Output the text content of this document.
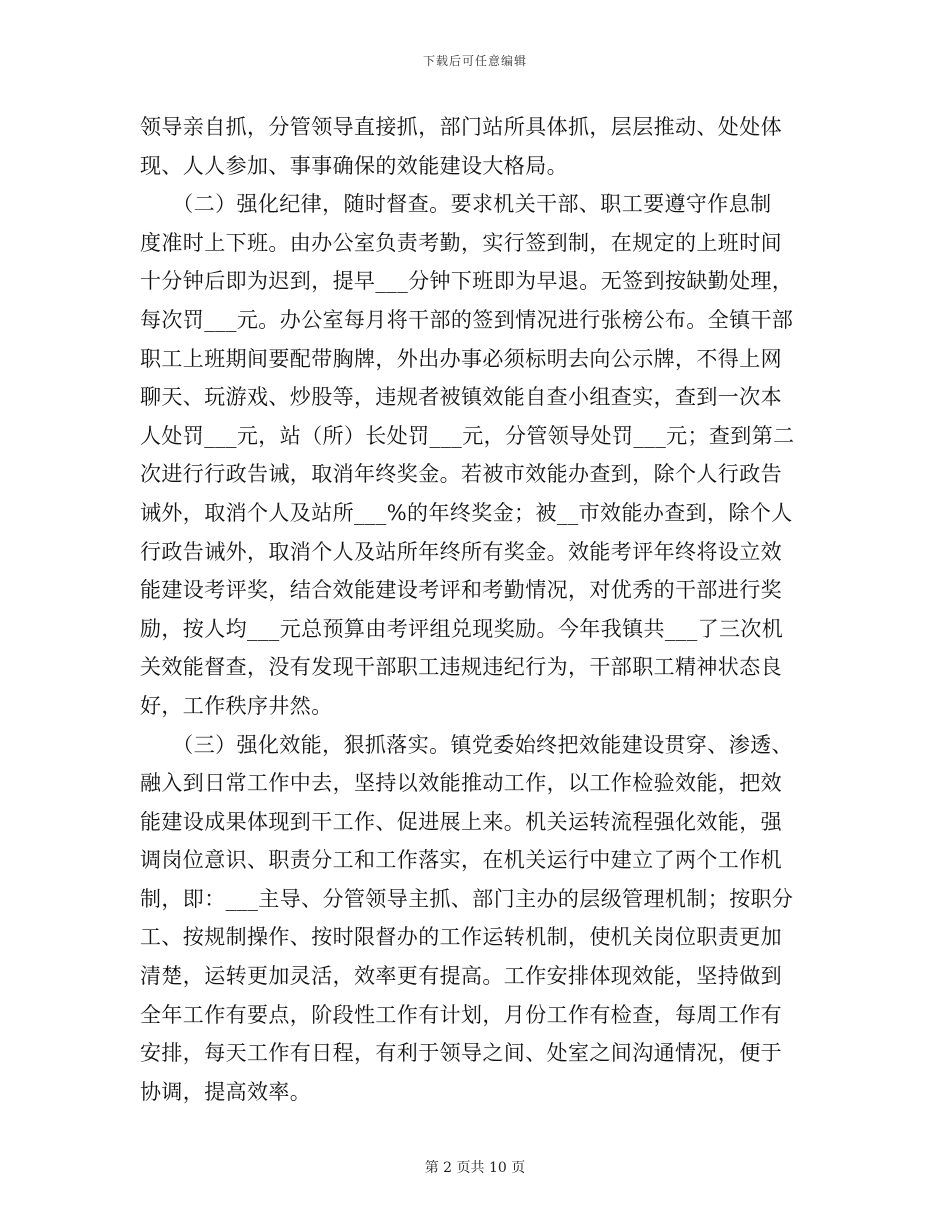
下载后可任意编辑
领导亲自抓，分管领导直接抓，部门站所具体抓，层层推动、处处体
现、人人参加、事事确保的效能建设大格局。
　　（二）强化纪律，随时督查。要求机关干部、职工要遵守作息制
度准时上下班。由办公室负责考勤，实行签到制，在规定的上班时间
十分钟后即为迟到，提早___分钟下班即为早退。无签到按缺勤处理，
每次罚___元。办公室每月将干部的签到情况进行张榜公布。全镇干部
职工上班期间要配带胸牌，外出办事必须标明去向公示牌，不得上网
聊天、玩游戏、炒股等，违规者被镇效能自查小组查实，查到一次本
人处罚___元，站（所）长处罚___元，分管领导处罚___元；查到第二
次进行行政告诫，取消年终奖金。若被市效能办查到，除个人行政告
诫外，取消个人及站所___%的年终奖金；被__市效能办查到，除个人
行政告诫外，取消个人及站所年终所有奖金。效能考评年终将设立效
能建设考评奖，结合效能建设考评和考勤情况，对优秀的干部进行奖
励，按人均___元总预算由考评组兑现奖励。今年我镇共___了三次机
关效能督查，没有发现干部职工违规违纪行为，干部职工精神状态良
好，工作秩序井然。
　　（三）强化效能，狠抓落实。镇党委始终把效能建设贯穿、渗透、
融入到日常工作中去，坚持以效能推动工作，以工作检验效能，把效
能建设成果体现到干工作、促进展上来。机关运转流程强化效能，强
调岗位意识、职责分工和工作落实，在机关运行中建立了两个工作机
制，即：___主导、分管领导主抓、部门主办的层级管理机制；按职分
工、按规制操作、按时限督办的工作运转机制，使机关岗位职责更加
清楚，运转更加灵活，效率更有提高。工作安排体现效能，坚持做到
全年工作有要点，阶段性工作有计划，月份工作有检查，每周工作有
安排，每天工作有日程，有利于领导之间、处室之间沟通情况，便于
协调，提高效率。
第 2 页共 10 页
